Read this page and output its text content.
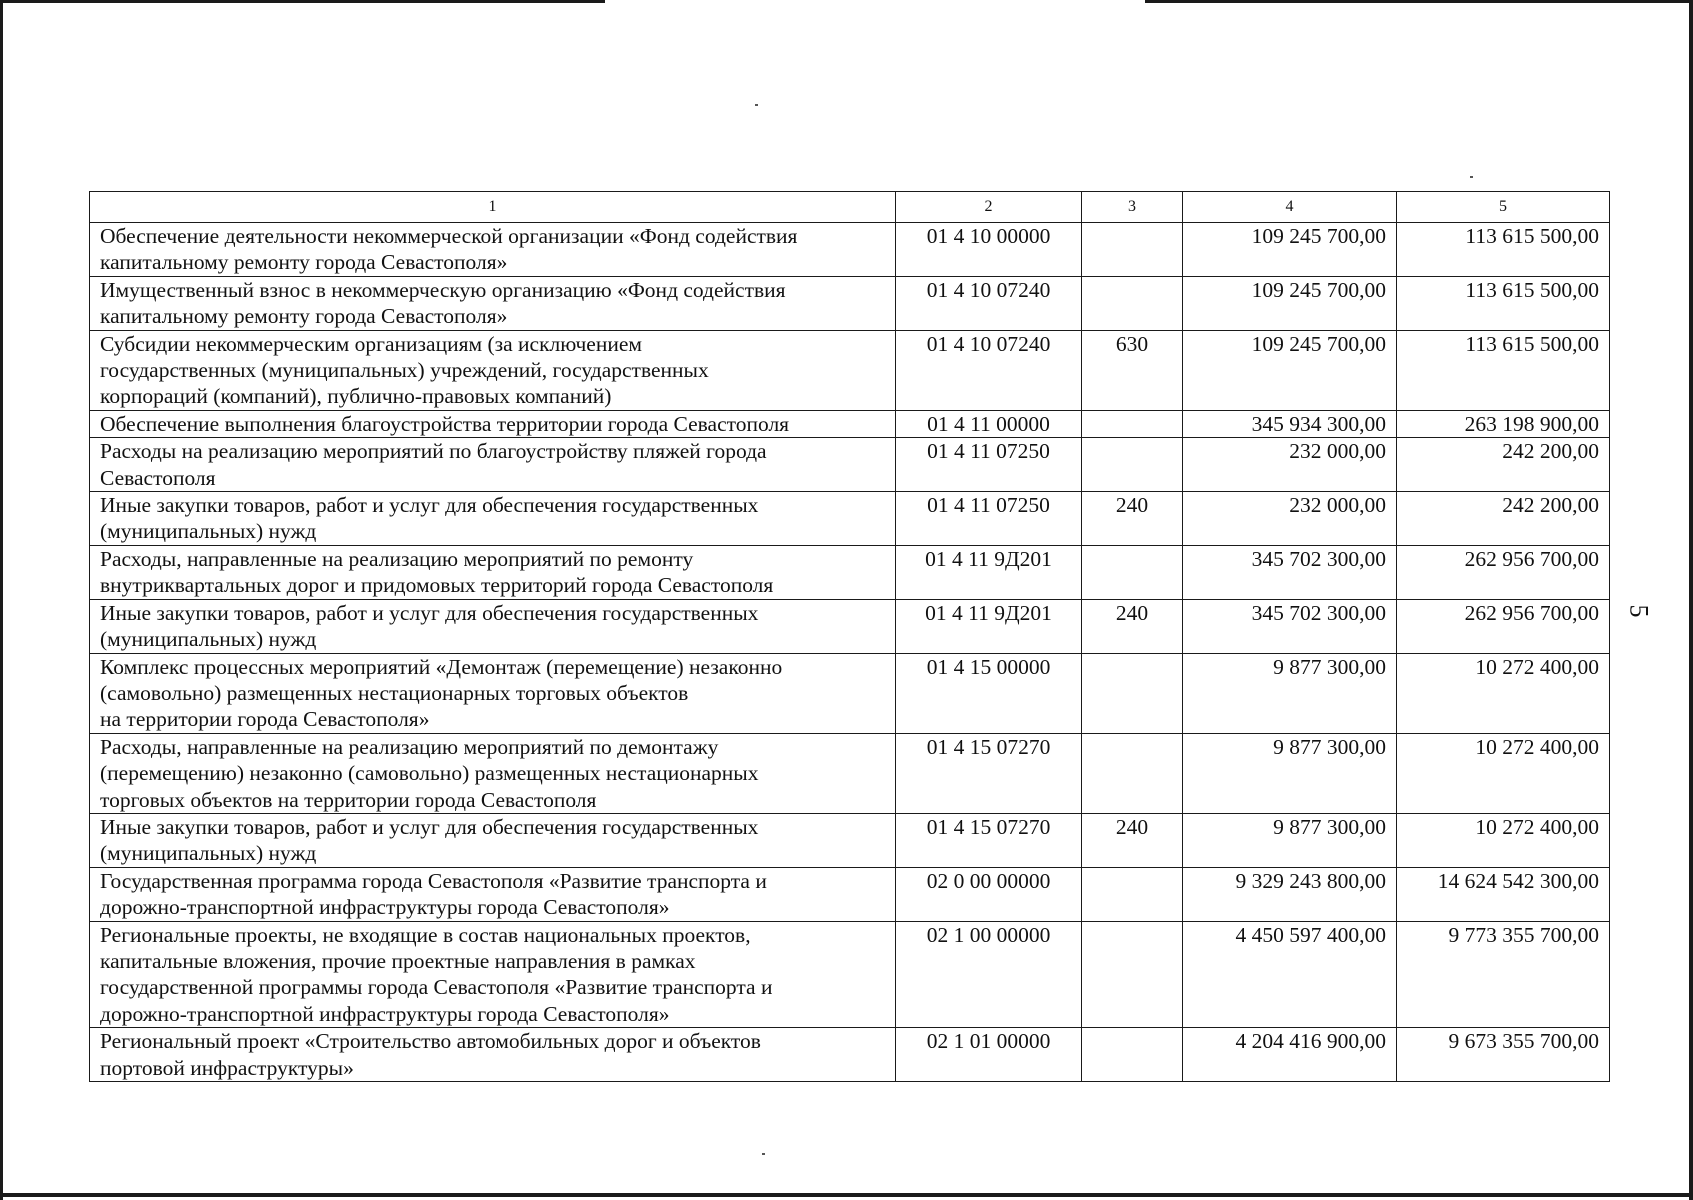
5
1	2	3	4	5
Обеспечение деятельности некоммерческой организации «Фонд содействия
капитальному ремонту города Севастополя»	01 4 10 00000		109 245 700,00	113 615 500,00
Имущественный взнос в некоммерческую организацию «Фонд содействия
капитальному ремонту города Севастополя»	01 4 10 07240		109 245 700,00	113 615 500,00
Субсидии некоммерческим организациям (за исключением
государственных (муниципальных) учреждений, государственных
корпораций (компаний), публично-правовых компаний)	01 4 10 07240	630	109 245 700,00	113 615 500,00
Обеспечение выполнения благоустройства территории города Севастополя	01 4 11 00000		345 934 300,00	263 198 900,00
Расходы на реализацию мероприятий по благоустройству пляжей города
Севастополя	01 4 11 07250		232 000,00	242 200,00
Иные закупки товаров, работ и услуг для обеспечения государственных
(муниципальных) нужд	01 4 11 07250	240	232 000,00	242 200,00
Расходы, направленные на реализацию мероприятий по ремонту
внутриквартальных дорог и придомовых территорий города Севастополя	01 4 11 9Д201		345 702 300,00	262 956 700,00
Иные закупки товаров, работ и услуг для обеспечения государственных
(муниципальных) нужд	01 4 11 9Д201	240	345 702 300,00	262 956 700,00
Комплекс процессных мероприятий «Демонтаж (перемещение) незаконно
(самовольно) размещенных нестационарных торговых объектов
на территории города Севастополя»	01 4 15 00000		9 877 300,00	10 272 400,00
Расходы, направленные на реализацию мероприятий по демонтажу
(перемещению) незаконно (самовольно) размещенных нестационарных
торговых объектов на территории города Севастополя	01 4 15 07270		9 877 300,00	10 272 400,00
Иные закупки товаров, работ и услуг для обеспечения государственных
(муниципальных) нужд	01 4 15 07270	240	9 877 300,00	10 272 400,00
Государственная программа города Севастополя «Развитие транспорта и
дорожно-транспортной инфраструктуры города Севастополя»	02 0 00 00000		9 329 243 800,00	14 624 542 300,00
Региональные проекты, не входящие в состав национальных проектов,
капитальные вложения, прочие проектные направления в рамках
государственной программы города Севастополя «Развитие транспорта и
дорожно-транспортной инфраструктуры города Севастополя»	02 1 00 00000		4 450 597 400,00	9 773 355 700,00
Региональный проект «Строительство автомобильных дорог и объектов
портовой инфраструктуры»	02 1 01 00000		4 204 416 900,00	9 673 355 700,00
